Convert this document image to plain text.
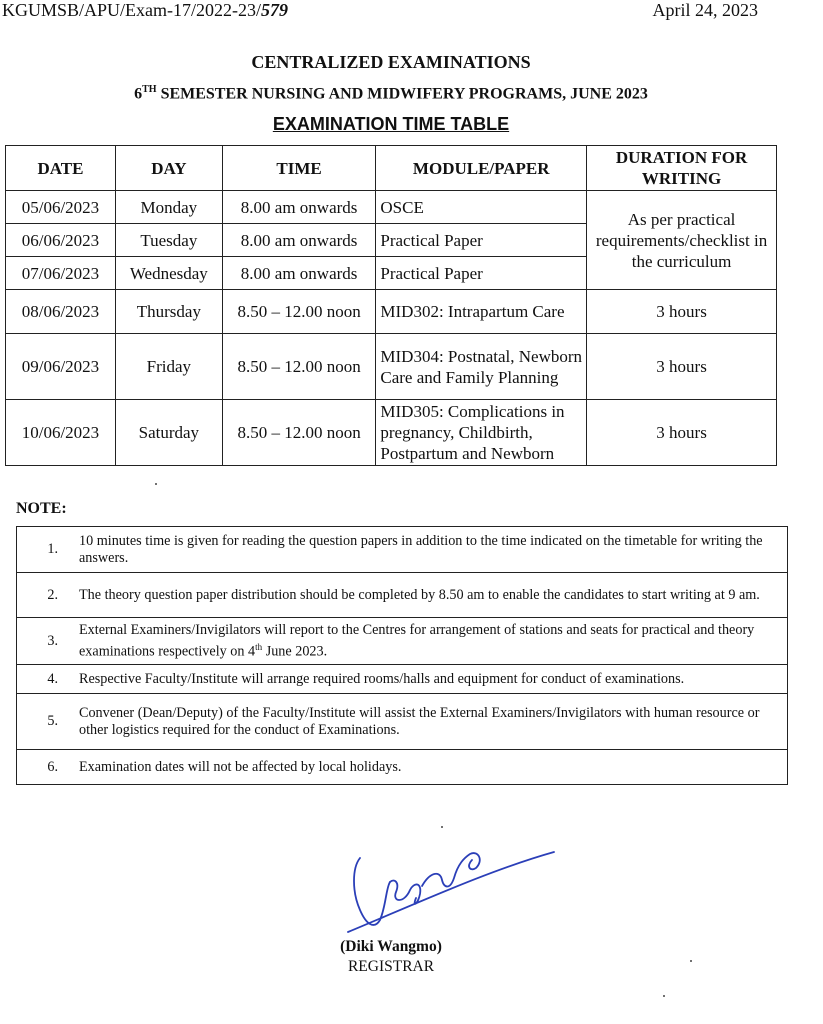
KGUMSB/APU/Exam-17/2022-23/579	April 24, 2023
CENTRALIZED EXAMINATIONS
6TH SEMESTER NURSING AND MIDWIFERY PROGRAMS, JUNE 2023
EXAMINATION TIME TABLE
DATE	DAY	TIME	MODULE/PAPER	DURATION FOR WRITING
05/06/2023	Monday	8.00 am onwards	OSCE	As per practical requirements/checklist in the curriculum
06/06/2023	Tuesday	8.00 am onwards	Practical Paper	
07/06/2023	Wednesday	8.00 am onwards	Practical Paper	
08/06/2023	Thursday	8.50 – 12.00 noon	MID302: Intrapartum Care	3 hours
09/06/2023	Friday	8.50 – 12.00 noon	MID304: Postnatal, Newborn Care and Family Planning	3 hours
10/06/2023	Saturday	8.50 – 12.00 noon	MID305: Complications in pregnancy, Childbirth, Postpartum and Newborn	3 hours
NOTE:
1.	10 minutes time is given for reading the question papers in addition to the time indicated on the timetable for writing the answers.
2.	The theory question paper distribution should be completed by 8.50 am to enable the candidates to start writing at 9 am.
3.	External Examiners/Invigilators will report to the Centres for arrangement of stations and seats for practical and theory examinations respectively on 4th June 2023.
4.	Respective Faculty/Institute will arrange required rooms/halls and equipment for conduct of examinations.
5.	Convener (Dean/Deputy) of the Faculty/Institute will assist the External Examiners/Invigilators with human resource or other logistics required for the conduct of Examinations.
6.	Examination dates will not be affected by local holidays.
(Diki Wangmo)
REGISTRAR
